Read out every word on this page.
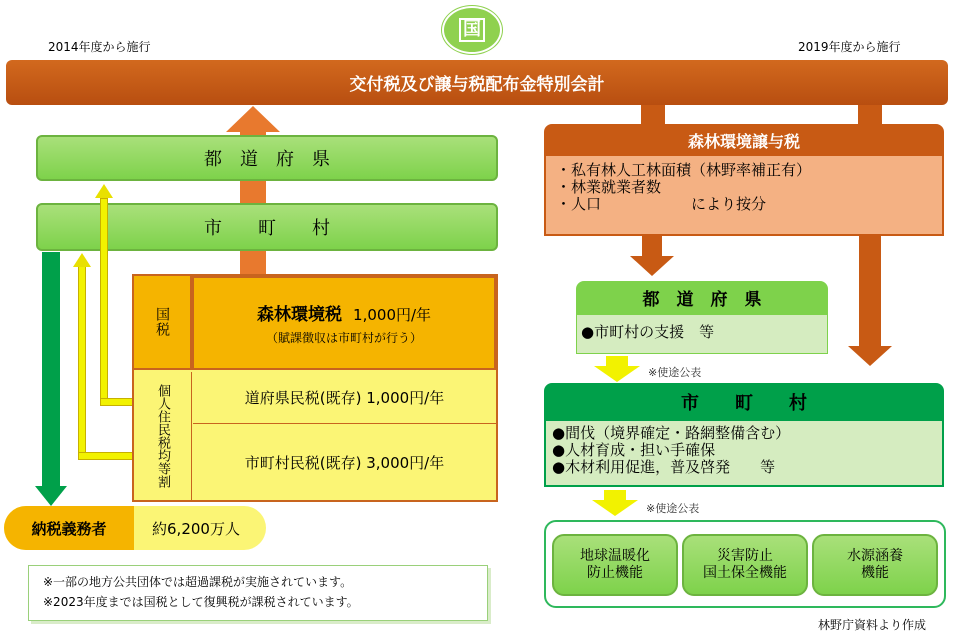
国
2014年度から施行	2019年度から施行
交付税及び譲与税配布金特別会計
都　道　府　県
市　　町　　村
国税	森林環境税 1,000円/年
（賦課徴収は市町村が行う）
個人住民税均等割	道府県民税(既存) 1,000円/年
市町村民税(既存) 3,000円/年
納税義務者	約6,200万人
※一部の地方公共団体では超過課税が実施されています。
※2023年度までは国税として復興税が課税されています。
森林環境譲与税
・私有林人工林面積（林野率補正有）
・林業就業者数
・人口　　　　　　により按分
都　道　府　県
●市町村の支援　等
※使途公表
市　　町　　村
●間伐（境界確定・路網整備含む）
●人材育成・担い手確保
●木材利用促進，普及啓発　　等
※使途公表
地球温暖化
防止機能
災害防止
国土保全機能
水源涵養
機能
林野庁資料より作成
